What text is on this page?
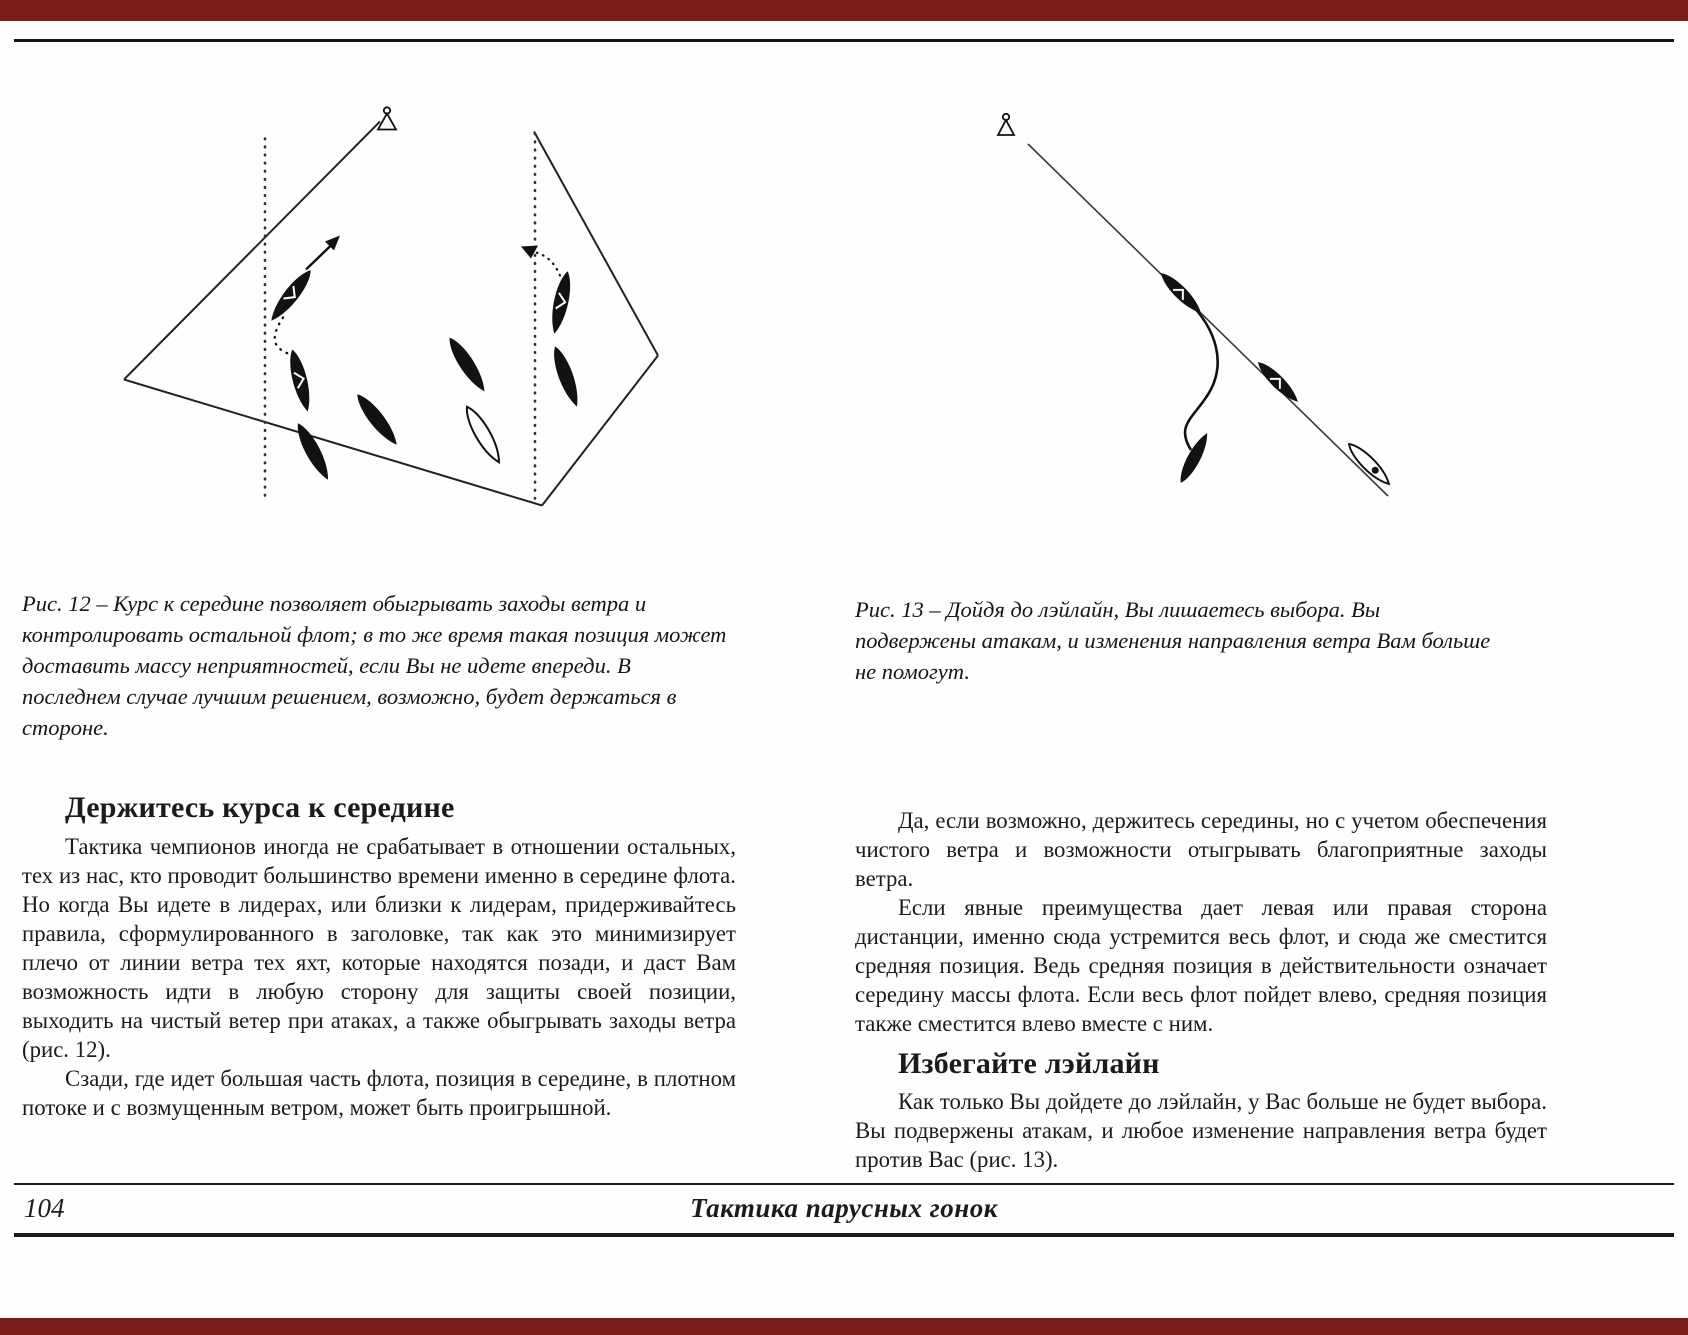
Рис. 12 – Курс к середине позволяет обыгрывать заходы ветра и контролировать остальной флот; в то же время такая позиция может доставить массу неприятностей, если Вы не идете впереди. В последнем случае лучшим решением, возможно, будет держаться в стороне.
Рис. 13 – Дойдя до лэйлайн, Вы лишаетесь выбора. Вы подвержены атакам, и изменения направления ветра Вам больше не помогут.
Держитесь курса к середине

Тактика чемпионов иногда не срабатывает в отношении остальных, тех из нас, кто проводит большинство времени именно в середине флота. Но когда Вы идете в лидерах, или близки к лидерам, придерживайтесь правила, сформулированного в заголовке, так как это минимизирует плечо от линии ветра тех яхт, которые находятся позади, и даст Вам возможность идти в любую сторону для защиты своей позиции, выходить на чистый ветер при атаках, а также обыгрывать заходы ветра (рис. 12).

Сзади, где идет большая часть флота, позиция в середине, в плотном потоке и с возмущенным ветром, может быть проигрышной.

Да, если возможно, держитесь середины, но с учетом обеспечения чистого ветра и возможности отыгрывать благоприятные заходы ветра.

Если явные преимущества дает левая или правая сторона дистанции, именно сюда устремится весь флот, и сюда же сместится средняя позиция. Ведь средняя позиция в действительности означает середину массы флота. Если весь флот пойдет влево, средняя позиция также сместится влево вместе с ним.

Избегайте лэйлайн

Как только Вы дойдете до лэйлайн, у Вас больше не будет выбора. Вы подвержены атакам, и любое изменение направления ветра будет против Вас (рис. 13).

104	Тактика парусных гонок
